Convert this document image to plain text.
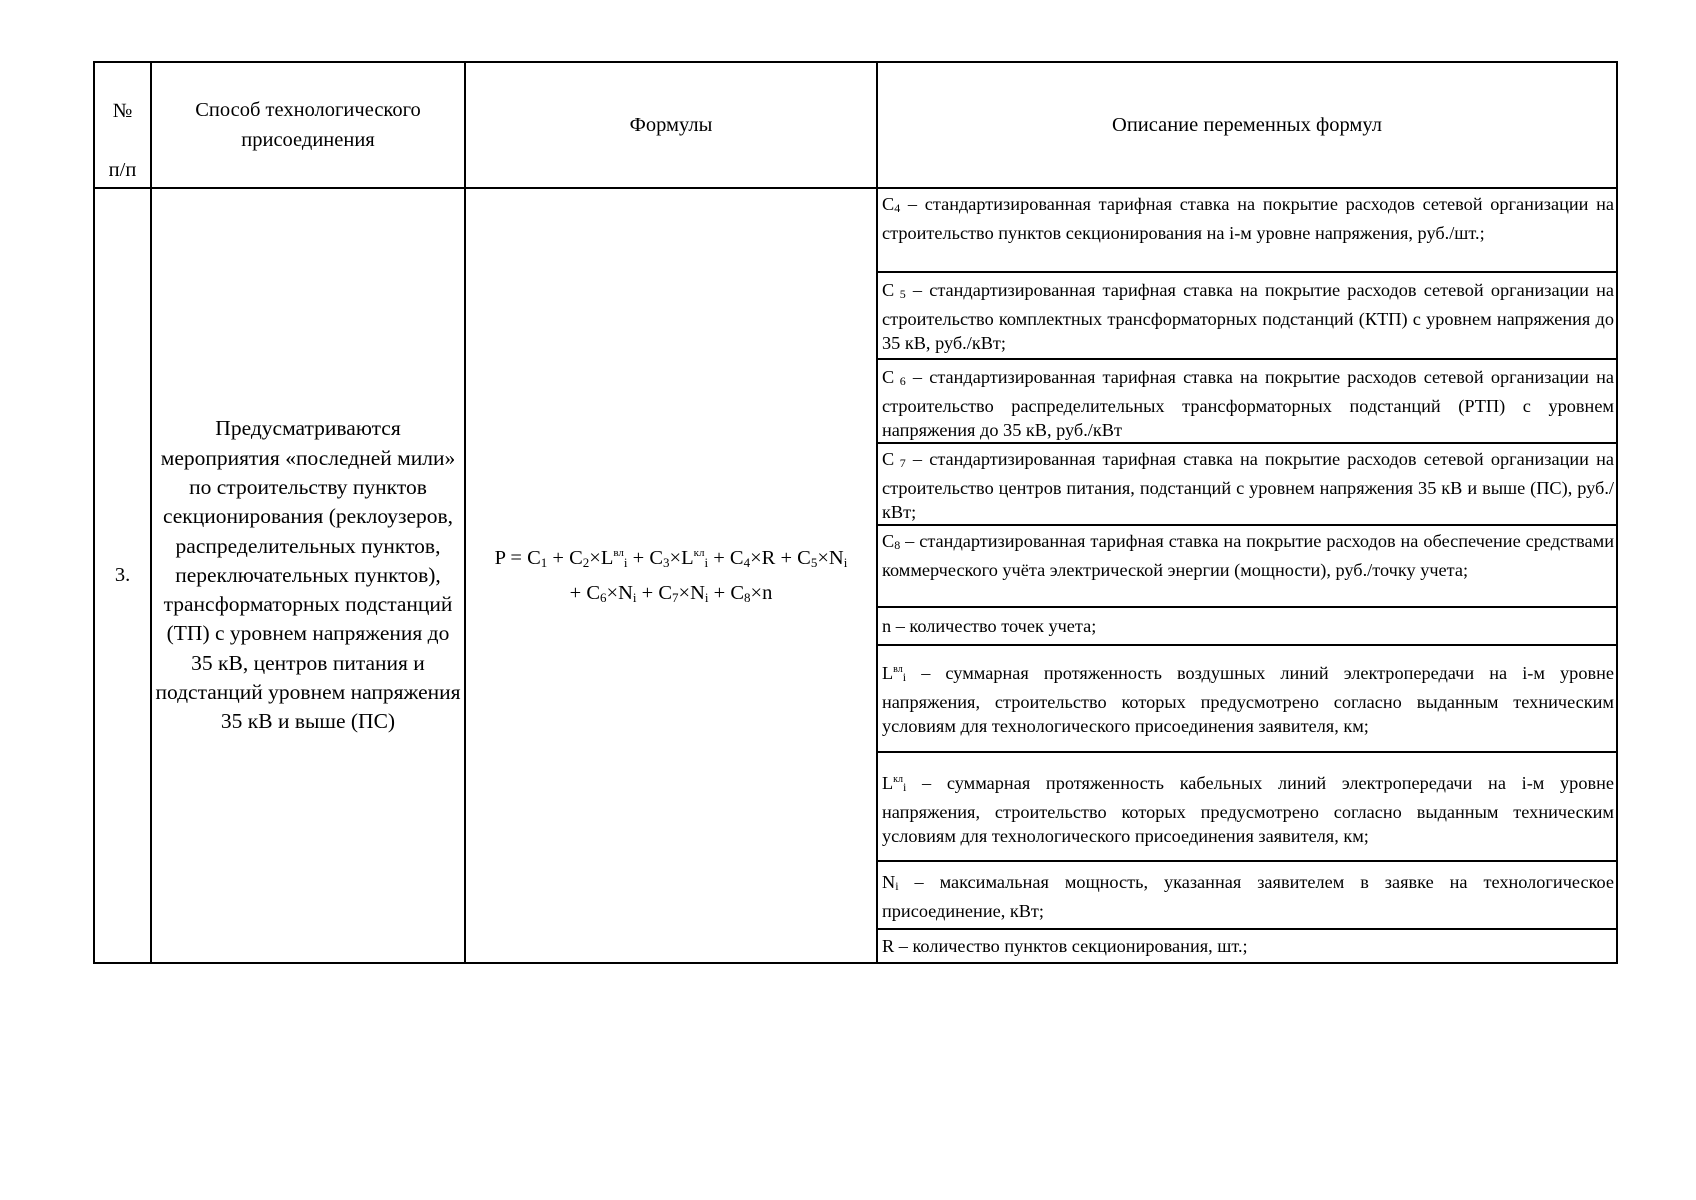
№
п/п
Способ технологического присоединения
Формулы	Описание переменных формул
3.
Предусматриваются мероприятия «последней мили» по строительству пунктов секционирования (реклоузеров, распределительных пунктов, переключательных пунктов), трансформаторных подстанций (ТП) с уровнем напряжения до 35 кВ, центров питания и подстанций уровнем напряжения 35 кВ и выше (ПС)
$P = C_1 + C_2\times L^{вл}_i + C_3\times L^{кл}_i + C_4\times R + C_5\times N_i$
+ $C_6\times N_i + C_7\times N_i + C_8\times n$
$C_4$ – стандартизированная тарифная ставка на покрытие расходов сетевой организации на строительство пунктов секционирования на i-м уровне напряжения, руб./шт.;
C $_5$ – стандартизированная тарифная ставка на покрытие расходов сетевой организации на строительство комплектных трансформаторных подстанций (КТП) с уровнем напряжения до 35 кВ, руб./кВт;
C $_6$ – стандартизированная тарифная ставка на покрытие расходов сетевой организации на строительство распределительных трансформаторных подстанций (РТП) с уровнем напряжения до 35 кВ, руб./кВт
C $_7$ – стандартизированная тарифная ставка на покрытие расходов сетевой организации на строительство центров питания, подстанций с уровнем напряжения 35 кВ и выше (ПС), руб./кВт;
$C_8$ – стандартизированная тарифная ставка на покрытие расходов на обеспечение средствами коммерческого учёта электрической энергии (мощности), руб./точку учета;
n – количество точек учета;
$L^{вл}_i$ – суммарная протяженность воздушных линий электропередачи на i-м уровне напряжения, строительство которых предусмотрено согласно выданным техническим условиям для технологического присоединения заявителя, км;
$L^{кл}_i$ – суммарная протяженность кабельных линий электропередачи на i-м уровне напряжения, строительство которых предусмотрено согласно выданным техническим условиям для технологического присоединения заявителя, км;
$N_i$ – максимальная мощность, указанная заявителем в заявке на технологическое присоединение, кВт;
R – количество пунктов секционирования, шт.;
